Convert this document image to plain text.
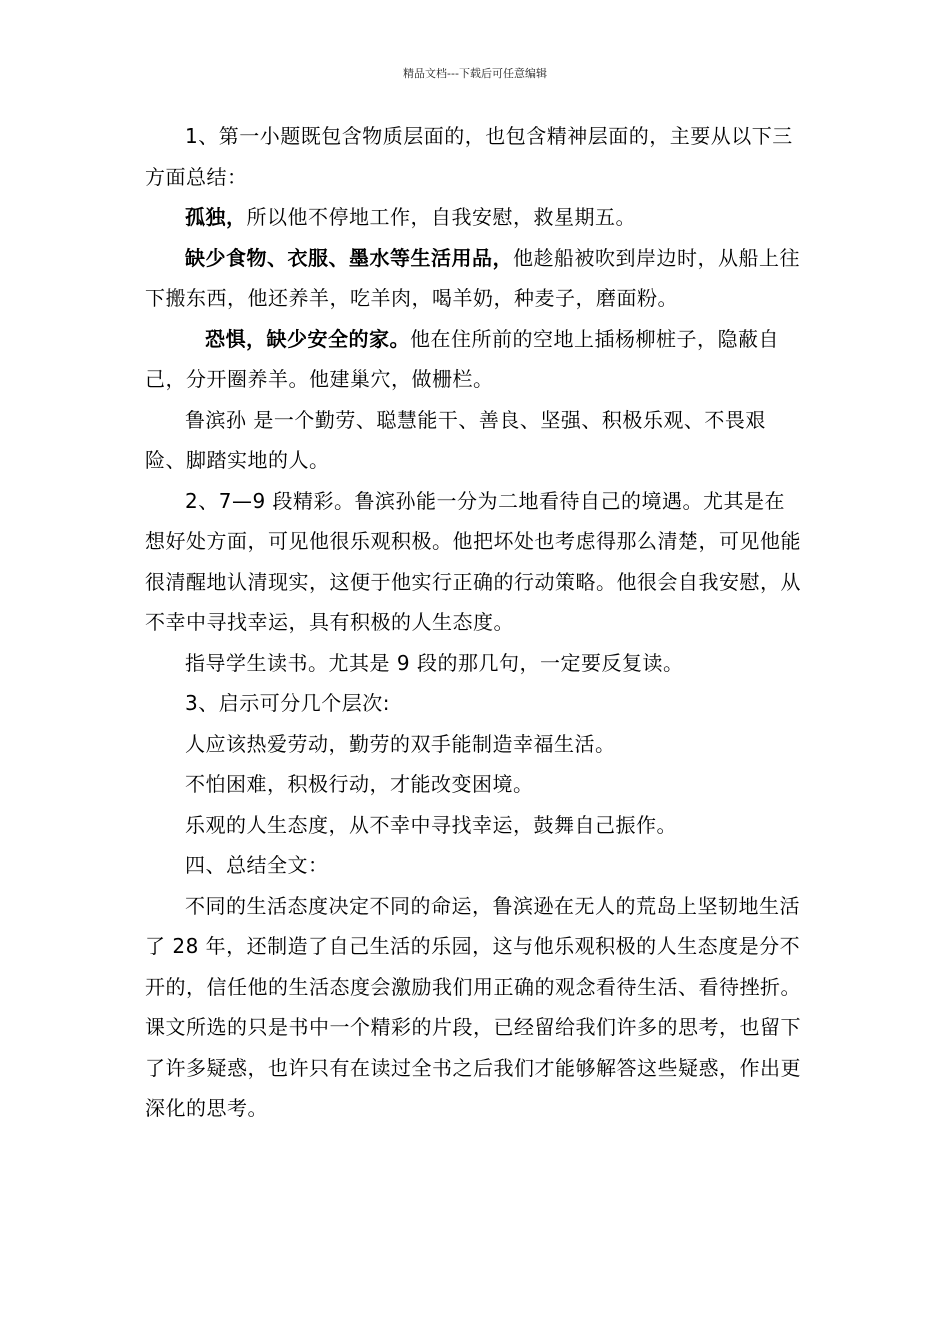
精品文档---下载后可任意编辑

1、第一小题既包含物质层面的，也包含精神层面的，主要从以下三方面总结：

孤独，所以他不停地工作，自我安慰，救星期五。

缺少食物、衣服、墨水等生活用品，他趁船被吹到岸边时，从船上往下搬东西，他还养羊，吃羊肉，喝羊奶，种麦子，磨面粉。

恐惧，缺少安全的家。他在住所前的空地上插杨柳桩子，隐蔽自己，分开圈养羊。他建巢穴，做栅栏。

鲁滨孙 是一个勤劳、聪慧能干、善良、坚强、积极乐观、不畏艰险、脚踏实地的人。

2、7—9 段精彩。鲁滨孙能一分为二地看待自己的境遇。尤其是在想好处方面，可见他很乐观积极。他把坏处也考虑得那么清楚，可见他能很清醒地认清现实，这便于他实行正确的行动策略。他很会自我安慰，从不幸中寻找幸运，具有积极的人生态度。

指导学生读书。尤其是 9 段的那几句，一定要反复读。

3、启示可分几个层次:

人应该热爱劳动，勤劳的双手能制造幸福生活。

不怕困难，积极行动，才能改变困境。

乐观的人生态度，从不幸中寻找幸运，鼓舞自己振作。

四、总结全文：

不同的生活态度决定不同的命运，鲁滨逊在无人的荒岛上坚韧地生活了 28 年，还制造了自己生活的乐园，这与他乐观积极的人生态度是分不开的，信任他的生活态度会激励我们用正确的观念看待生活、看待挫折。课文所选的只是书中一个精彩的片段，已经留给我们许多的思考，也留下了许多疑惑，也许只有在读过全书之后我们才能够解答这些疑惑，作出更深化的思考。
